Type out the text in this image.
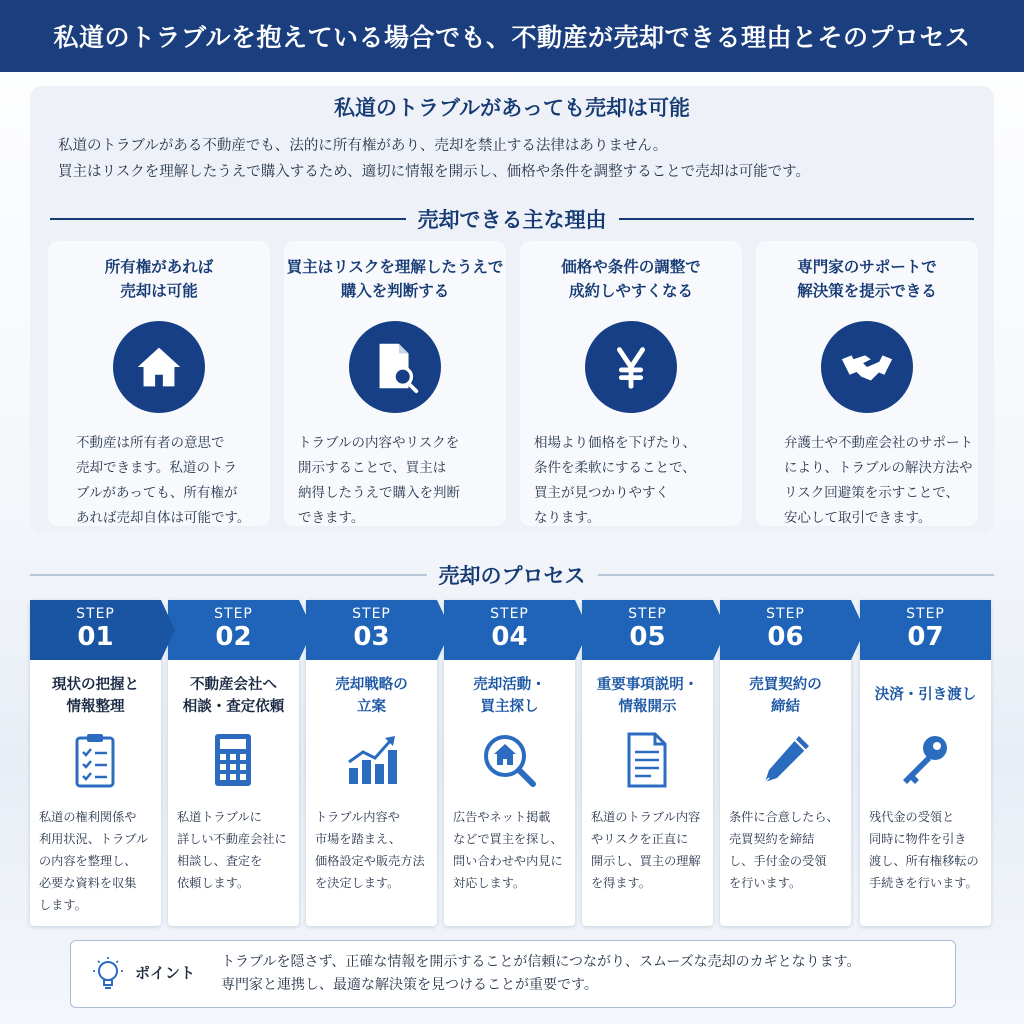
私道のトラブルを抱えている場合でも、不動産が売却できる理由とそのプロセス
私道のトラブルがあっても売却は可能
私道のトラブルがある不動産でも、法的に所有権があり、売却を禁止する法律はありません。
買主はリスクを理解したうえで購入するため、適切に情報を開示し、価格や条件を調整することで売却は可能です。
売却できる主な理由
所有権があれば
売却は可能
不動産は所有者の意思で
売却できます。私道のトラ
ブルがあっても、所有権が
あれば売却自体は可能です。
買主はリスクを理解したうえで
購入を判断する
トラブルの内容やリスクを
開示することで、買主は
納得したうえで購入を判断
できます。
価格や条件の調整で
成約しやすくなる
相場より価格を下げたり、
条件を柔軟にすることで、
買主が見つかりやすく
なります。
専門家のサポートで
解決策を提示できる
弁護士や不動産会社のサポート
により、トラブルの解決方法や
リスク回避策を示すことで、
安心して取引できます。
売却のプロセス
STEP
01
現状の把握と
情報整理
私道の権利関係や
利用状況、トラブル
の内容を整理し、
必要な資料を収集
します。
STEP
02
不動産会社へ
相談・査定依頼
私道トラブルに
詳しい不動産会社に
相談し、査定を
依頼します。
STEP
03
売却戦略の
立案
トラブル内容や
市場を踏まえ、
価格設定や販売方法
を決定します。
STEP
04
売却活動・
買主探し
広告やネット掲載
などで買主を探し、
問い合わせや内見に
対応します。
STEP
05
重要事項説明・
情報開示
私道のトラブル内容
やリスクを正直に
開示し、買主の理解
を得ます。
STEP
06
売買契約の
締結
条件に合意したら、
売買契約を締結
し、手付金の受領
を行います。
STEP
07
決済・引き渡し
残代金の受領と
同時に物件を引き
渡し、所有権移転の
手続きを行います。
ポイント
トラブルを隠さず、正確な情報を開示することが信頼につながり、スムーズな売却のカギとなります。
専門家と連携し、最適な解決策を見つけることが重要です。
